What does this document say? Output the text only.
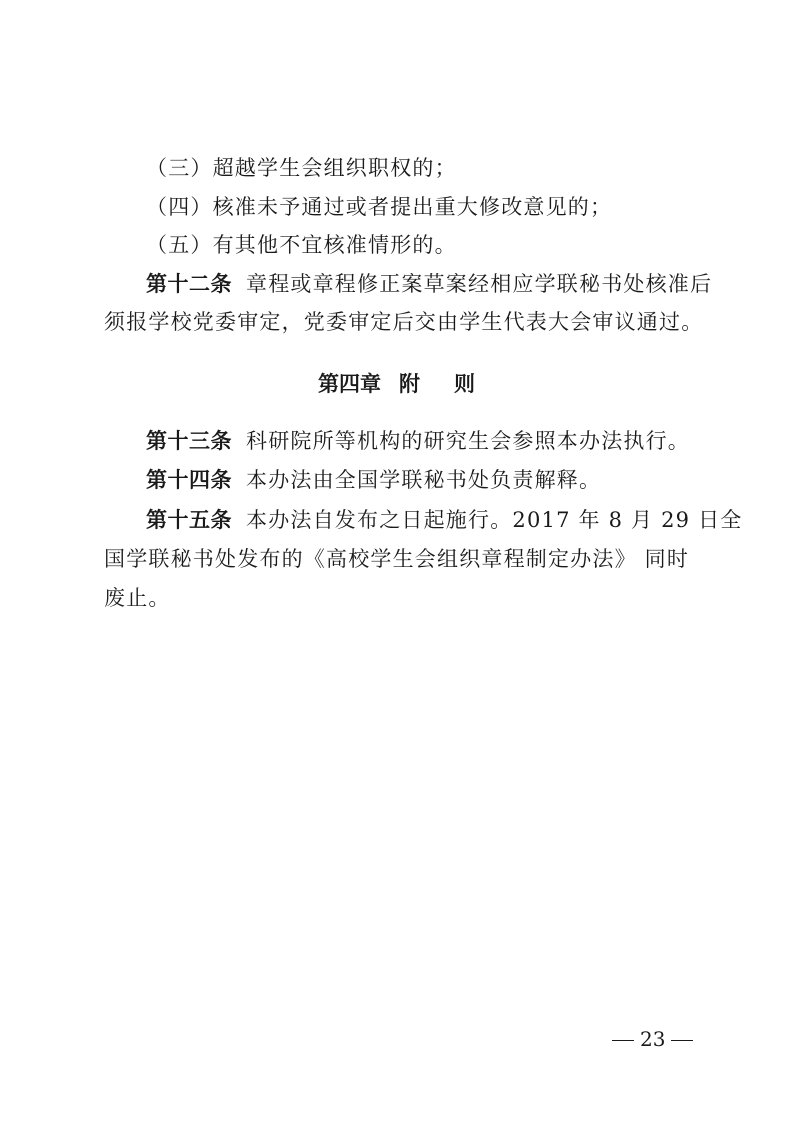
（三）超越学生会组织职权的；
（四）核准未予通过或者提出重大修改意见的；
（五）有其他不宜核准情形的。
第十二条 章程或章程修正案草案经相应学联秘书处核准后
须报学校党委审定，党委审定后交由学生代表大会审议通过。
第四章 附 则
第十三条 科研院所等机构的研究生会参照本办法执行。
第十四条 本办法由全国学联秘书处负责解释。
第十五条 本办法自发布之日起施行。2017 年 8 月 29 日全
国学联秘书处发布的《高校学生会组织章程制定办法》 同时
废止。
23
